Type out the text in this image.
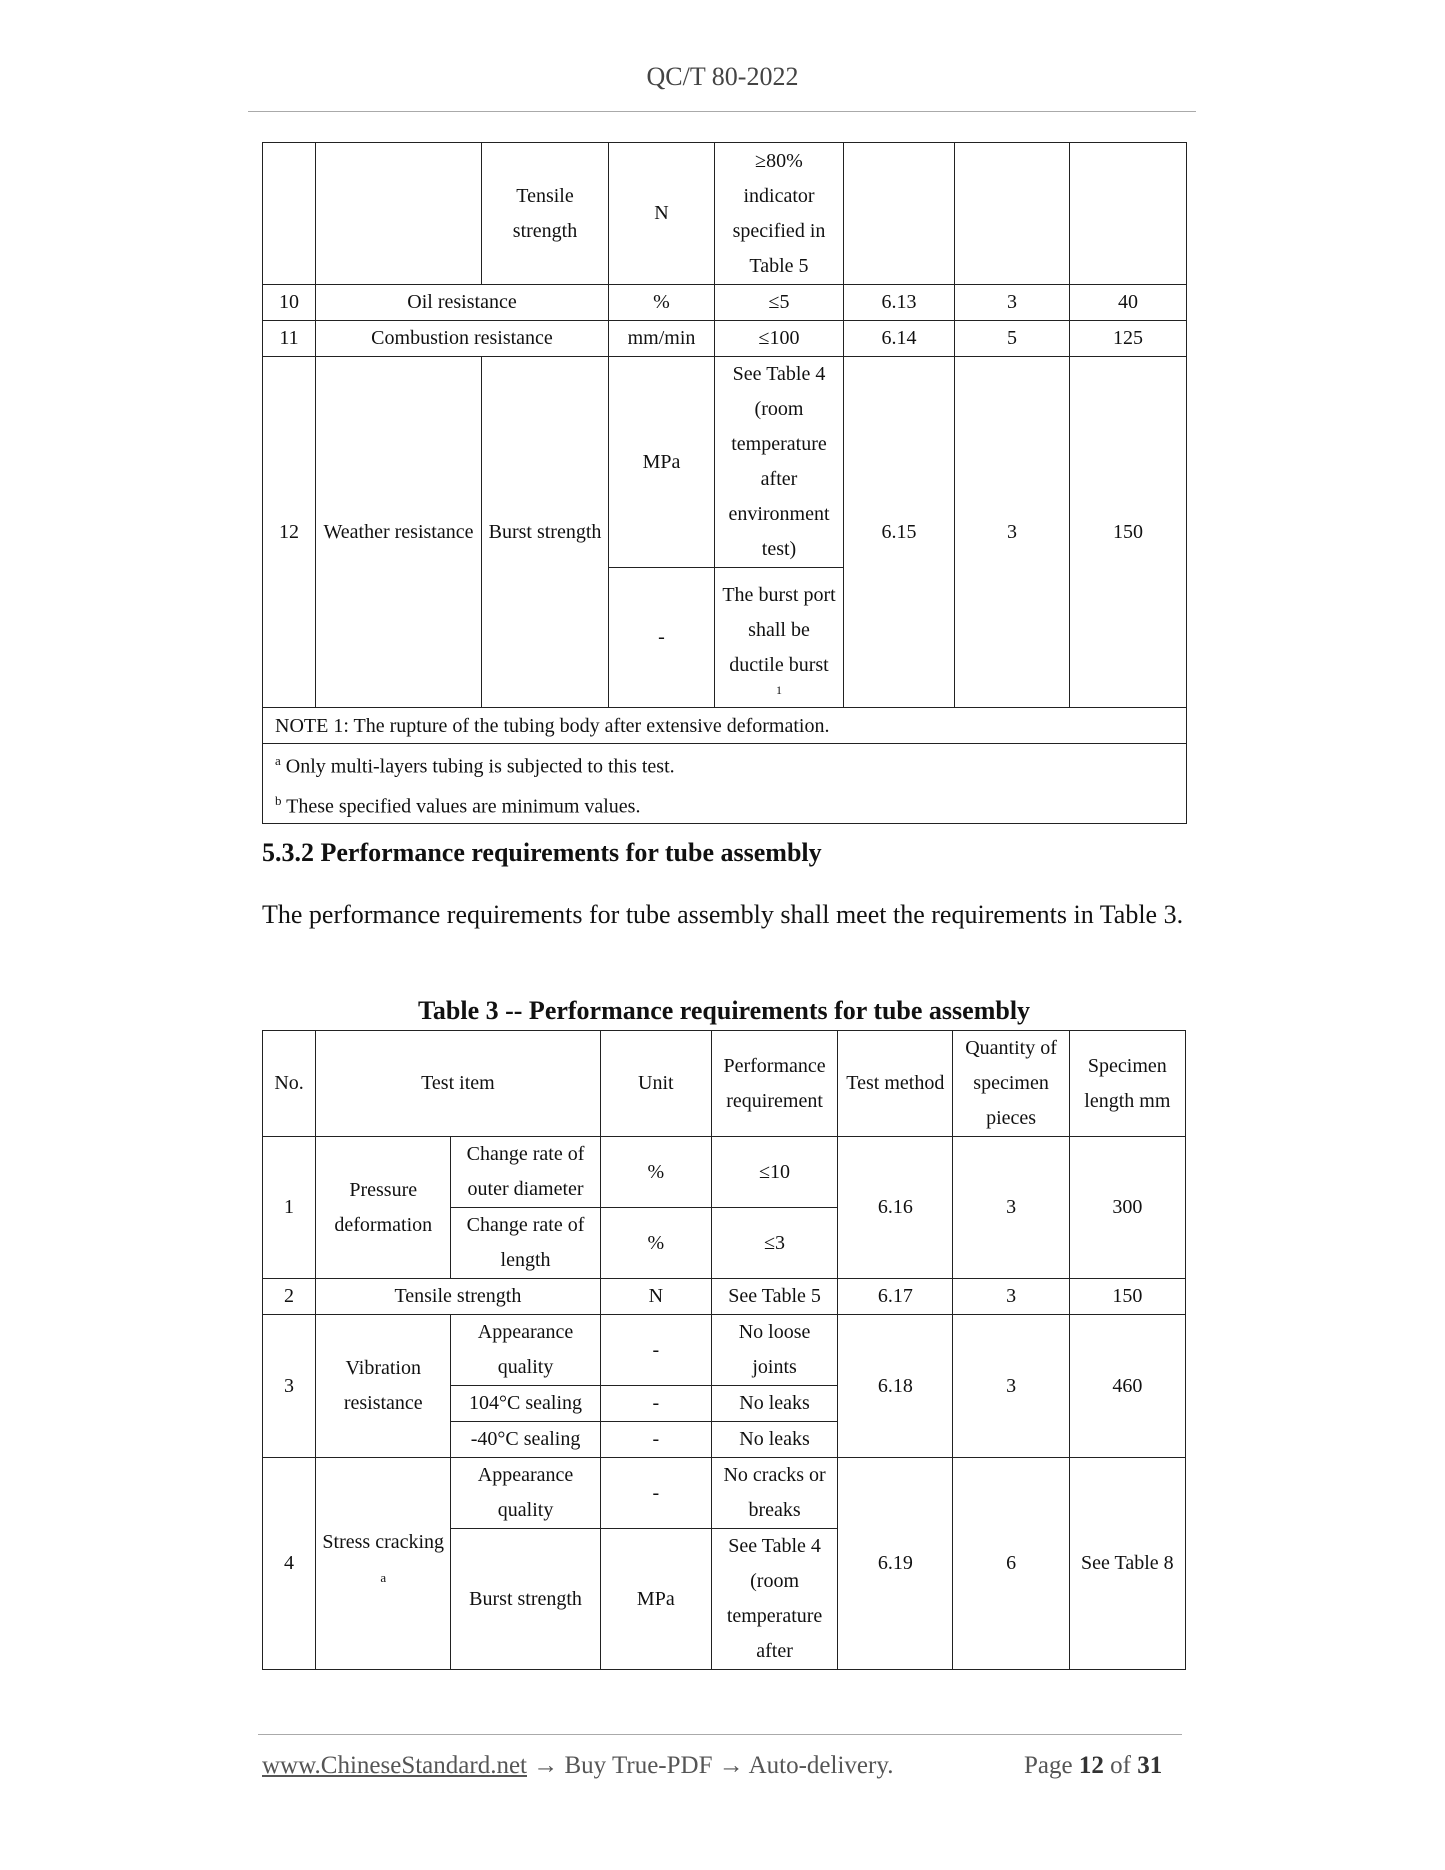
QC/T 80-2022
		Tensile strength	N	≥80% indicator specified in Table 5			
10	Oil resistance		%	≤5	6.13	3	40
11	Combustion resistance		mm/min	≤100	6.14	5	125
12	Weather resistance	Burst strength	MPa	See Table 4 (room temperature after environment test)	6.15	3	150
			-	The burst port shall be ductile burst
1			

NOTE 1: The rupture of the tubing body after extensive deformation.							

$^a$ Only multi-layers tubing is subjected to this test.
$^b$ These specified values are minimum values.							
5.3.2 Performance requirements for tube assembly
The performance requirements for tube assembly shall meet the requirements in Table 3.
Table 3 -- Performance requirements for tube assembly
No.	Test item		Unit	Performance requirement	Test method	Quantity of specimen pieces	Specimen length mm
1	Pressure deformation	Change rate of outer diameter	%	≤10	6.16	3	300
		Change rate of length	%	≤3			
2	Tensile strength		N	See Table 5	6.17	3	150
3	Vibration resistance	Appearance quality	-	No loose joints	6.18	3	460
		104°C sealing	-	No leaks			
		-40°C sealing	-	No leaks			
4	Stress cracking $^a$	Appearance quality	-	No cracks or breaks	6.19	6	See Table 8
		Burst strength	MPa	See Table 4 (room temperature after			
www.ChineseStandard.net → Buy True-PDF → Auto-delivery.	Page 12 of 31
